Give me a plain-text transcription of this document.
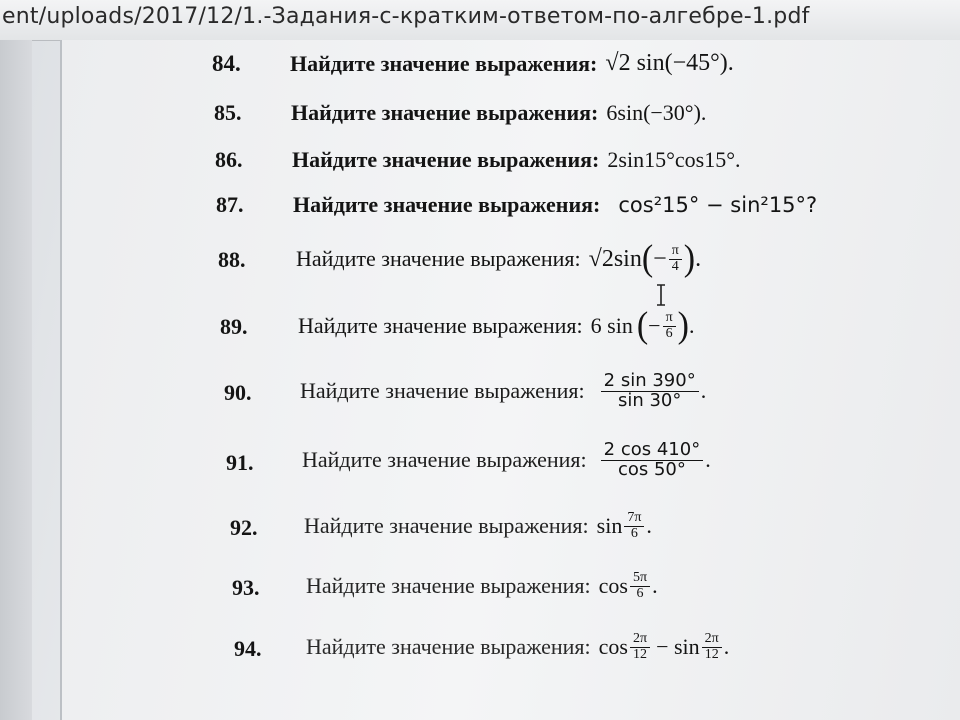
ent/uploads/2017/12/1.-Задания-с-кратким-ответом-по-алгебре-1.pdf
84. Найдите значение выражения: √2 sin(−45°).
85. Найдите значение выражения: 6sin(−30°).
86. Найдите значение выражения: 2sin15°cos15°.
87. Найдите значение выражения: cos²15° − sin²15°?
88. Найдите значение выражения: √2sin ( − $\frac{\pi}{4}$ ) .
89. Найдите значение выражения: 6 sin ( − $\frac{\pi}{6}$ ) .
90. Найдите значение выражения: $\frac{2 \sin 390^\circ}{\sin 30^\circ}$ .
91. Найдите значение выражения: $\frac{2 \cos 410^\circ}{\cos 50^\circ}$ .
92. Найдите значение выражения: $\sin \frac{7\pi}{6}$ .
93. Найдите значение выражения: $\cos \frac{5\pi}{6}$ .
94. Найдите значение выражения: $\cos \frac{2\pi}{12} - \sin \frac{2\pi}{12}$ .
